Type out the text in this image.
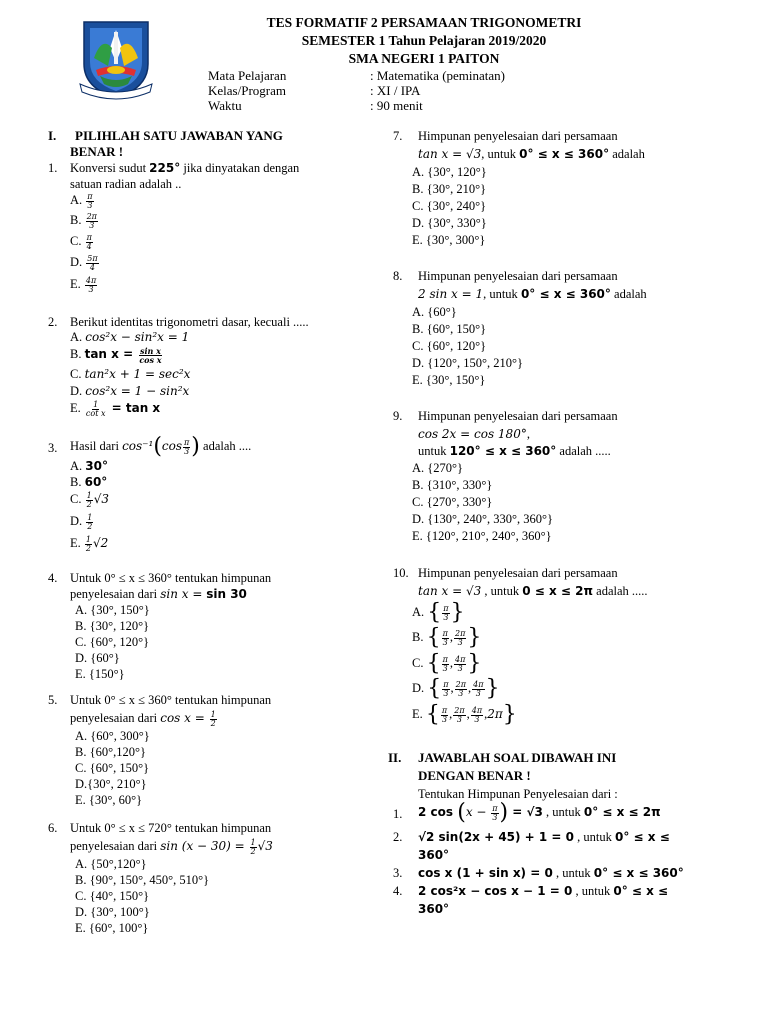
TES FORMATIF 2 PERSAMAAN TRIGONOMETRI
SEMESTER 1 Tahun Pelajaran 2019/2020
SMA NEGERI 1 PAITON
Mata Pelajaran	: Matematika (peminatan)
Kelas/Program	: XI / IPA
Waktu	: 90 menit
I. PILIHLAH SATU JAWABAN YANG
BENAR !
1. Konversi sudut 225° jika dinyatakan dengan
satuan radian adalah ..
A. $\frac{\pi}{3}$
B. $\frac{2\pi}{3}$
C. $\frac{\pi}{4}$
D. $\frac{5\pi}{4}$
E. $\frac{4\pi}{3}$
2. Berikut identitas trigonometri dasar, kecuali .....
A. cos²x − sin²x = 1
B. $\tan x = \frac{\text{sin x}}{\text{cos x}}$
C. tan²x + 1 = sec²x
D. cos²x = 1 − sin²x
E. $\frac{1}{\text{cot x}} = \tan x$
3. Hasil dari $\cos^{-1}(\cos \frac{\pi}{3}$ ) adalah ....
A. 30°
B. 60°
C. $\frac{1}{2} √3$
D. $\frac{1}{2}$
E. $\frac{1}{2} √2$
4. Untuk 0° ≤ x ≤ 360° tentukan himpunan
penyelesaian dari sin x = sin 30
A. {30°, 150°}
B. {30°, 120°}
C. {60°, 120°}
D. {60°}
E. {150°}
5. Untuk 0° ≤ x ≤ 360° tentukan himpunan
penyelesaian dari $\cos x = \frac{1}{2}$
A. {60°, 300°}
B. {60°,120°}
C. {60°, 150°}
D.{30°, 210°}
E. {30°, 60°}
6. Untuk 0° ≤ x ≤ 720° tentukan himpunan
penyelesaian dari $\sin (x - 30) = \frac{1}{2} √3$
A. {50°,120°}
B. {90°, 150°, 450°, 510°}
C. {40°, 150°}
D. {30°, 100°}
E. {60°, 100°}
7. Himpunan penyelesaian dari persamaan
tan x = √3, untuk 0° ≤ x ≤ 360° adalah
A. {30°, 120°}
B. {30°, 210°}
C. {30°, 240°}
D. {30°, 330°}
E. {30°, 300°}
8. Himpunan penyelesaian dari persamaan
2 sin x = 1, untuk 0° ≤ x ≤ 360° adalah
A. {60°}
B. {60°, 150°}
C. {60°, 120°}
D. {120°, 150°, 210°}
E. {30°, 150°}
9. Himpunan penyelesaian dari persamaan
cos 2x = cos 180°,
untuk 120° ≤ x ≤ 360° adalah .....
A. {270°}
B. {310°, 330°}
C. {270°, 330°}
D. {130°, 240°, 330°, 360°}
E. {120°, 210°, 240°, 360°}
10. Himpunan penyelesaian dari persamaan
tan x = √3 , untuk 0 ≤ x ≤ 2π adalah .....
A. { $\frac{\pi}{3}$ }
B. { $\frac{\pi}{3}$ , $\frac{2\pi}{3}$ }
C. { $\frac{\pi}{3}$ , $\frac{4\pi}{3}$ }
D. { $\frac{\pi}{3}$ , $\frac{2\pi}{3}$ , $\frac{4\pi}{3}$ }
E. { $\frac{\pi}{3}$ , $\frac{2\pi}{3}$ , $\frac{4\pi}{3} ,2\pi$}
II. JAWABLAH SOAL DIBAWAH INI
DENGAN BENAR !
Tentukan Himpunan Penyelesaian dari :
1. 2 $\cos (x - \frac{\pi}{3}$ ) = √3 , untuk 0° ≤ x ≤ 2π
2. √2 sin(2x + 45) + 1 = 0 , untuk 0° ≤ x ≤
360°
3. cos x (1 + sin x) = 0 , untuk 0° ≤ x ≤ 360°
4. 2 cos²x − cos x − 1 = 0 , untuk 0° ≤ x ≤
360°
